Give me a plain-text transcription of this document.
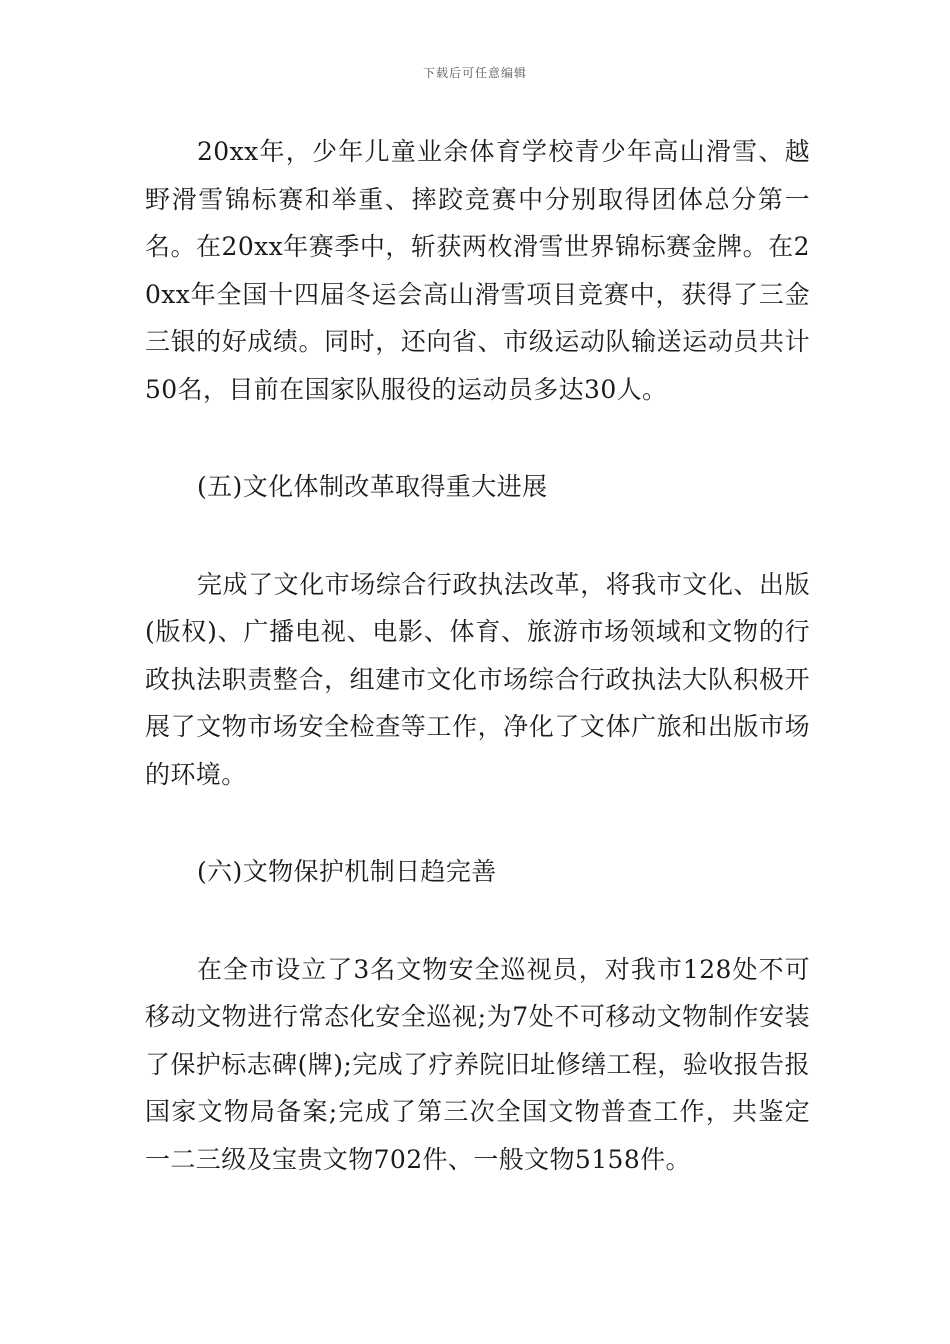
下载后可任意编辑

20xx年，少年儿童业余体育学校青少年高山滑雪、越野滑雪锦标赛和举重、摔跤竞赛中分别取得团体总分第一名。在20xx年赛季中，斩获两枚滑雪世界锦标赛金牌。在20xx年全国十四届冬运会高山滑雪项目竞赛中，获得了三金三银的好成绩。同时，还向省、市级运动队输送运动员共计50名，目前在国家队服役的运动员多达30人。

(五)文化体制改革取得重大进展

完成了文化市场综合行政执法改革，将我市文化、出版(版权)、广播电视、电影、体育、旅游市场领域和文物的行政执法职责整合，组建市文化市场综合行政执法大队积极开展了文物市场安全检查等工作，净化了文体广旅和出版市场的环境。

(六)文物保护机制日趋完善

在全市设立了3名文物安全巡视员，对我市128处不可移动文物进行常态化安全巡视;为7处不可移动文物制作安装了保护标志碑(牌);完成了疗养院旧址修缮工程，验收报告报国家文物局备案;完成了第三次全国文物普查工作，共鉴定一二三级及宝贵文物702件、一般文物5158件。
